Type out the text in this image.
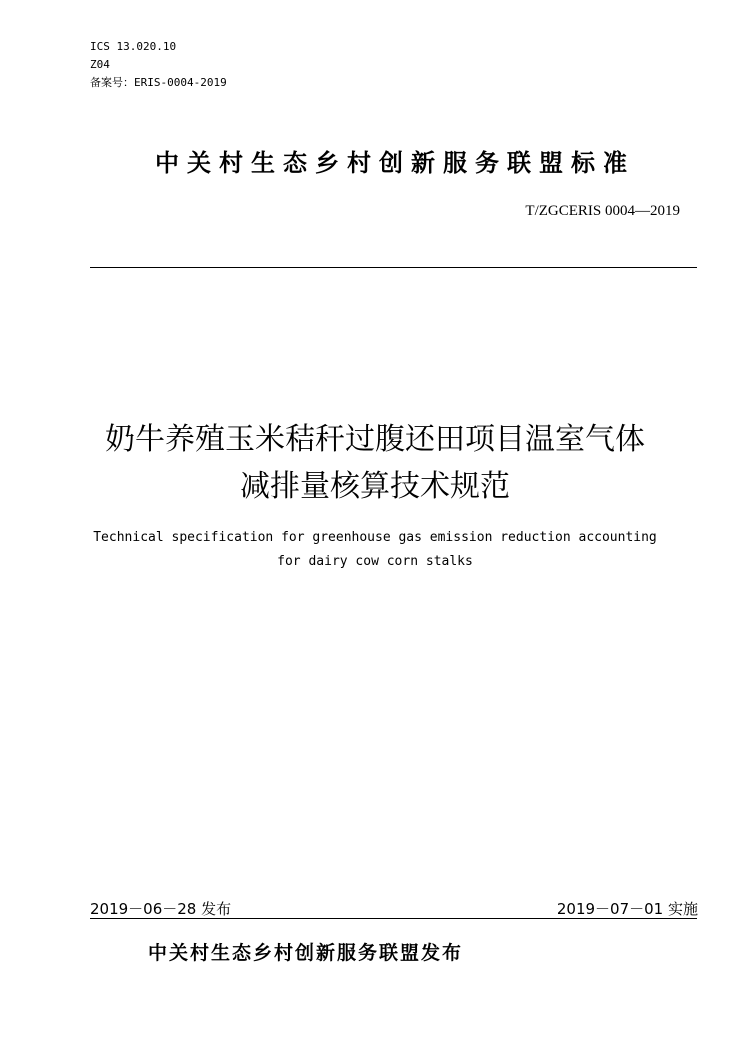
ICS 13.020.10
Z04
备案号：ERIS-0004-2019
中关村生态乡村创新服务联盟标准
T/ZGCERIS 0004—2019
奶牛养殖玉米秸秆过腹还田项目温室气体
减排量核算技术规范
Technical specification for greenhouse gas emission reduction accounting
for dairy cow corn stalks
2019－06－28 发布	2019－07－01 实施
中关村生态乡村创新服务联盟发布
